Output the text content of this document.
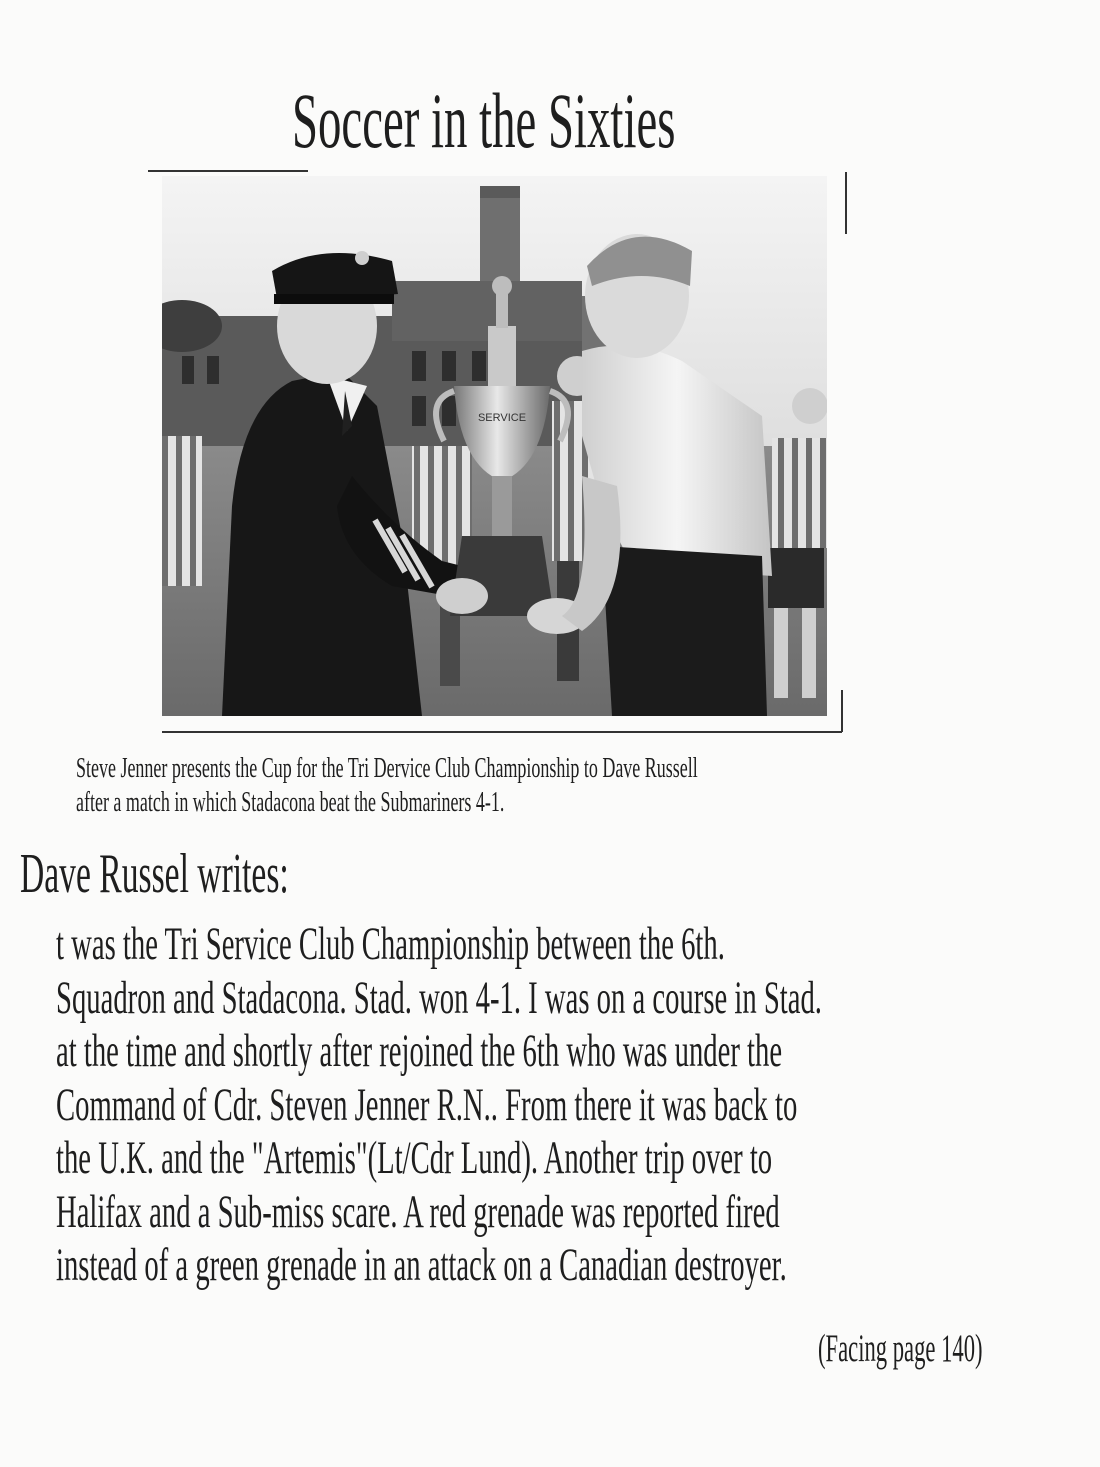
Soccer in the Sixties
SERVICE
Steve Jenner presents the Cup for the Tri Dervice Club Championship to Dave Russell
after a match in which Stadacona beat the Submariners 4-1.
Dave Russel writes:
t was the Tri Service Club Championship between the 6th.
Squadron and Stadacona. Stad. won 4-1. I was on a course in Stad.
at the time and shortly after rejoined the 6th who was under the
Command of Cdr. Steven Jenner R.N.. From there it was back to
the U.K. and the "Artemis"(Lt/Cdr Lund). Another trip over to
Halifax and a Sub-miss scare. A red grenade was reported fired
instead of a green grenade in an attack on a Canadian destroyer.
(Facing page 140)
